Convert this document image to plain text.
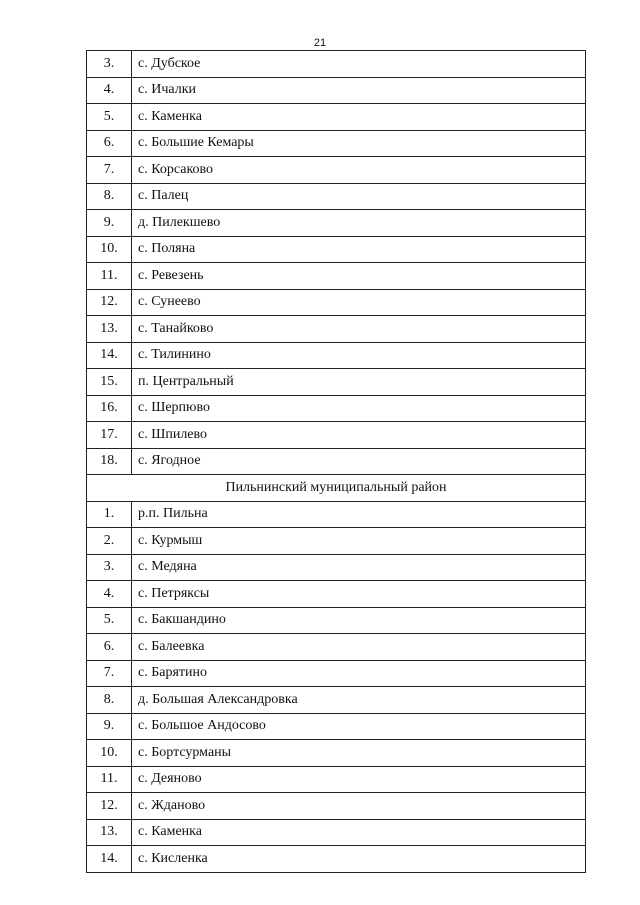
21
3.	с. Дубское
4.	с. Ичалки
5.	с. Каменка
6.	с. Большие Кемары
7.	с. Корсаково
8.	с. Палец
9.	д. Пилекшево
10.	с. Поляна
11.	с. Ревезень
12.	с. Сунеево
13.	с. Танайково
14.	с. Тилинино
15.	п. Центральный
16.	с. Шерпюво
17.	с. Шпилево
18.	с. Ягодное
Пильнинский муниципальный район	
1.	р.п. Пильна
2.	с. Курмыш
3.	с. Медяна
4.	с. Петряксы
5.	с. Бакшандино
6.	с. Балеевка
7.	с. Барятино
8.	д. Большая Александровка
9.	с. Большое Андосово
10.	с. Бортсурманы
11.	с. Деяново
12.	с. Жданово
13.	с. Каменка
14.	с. Кисленка
